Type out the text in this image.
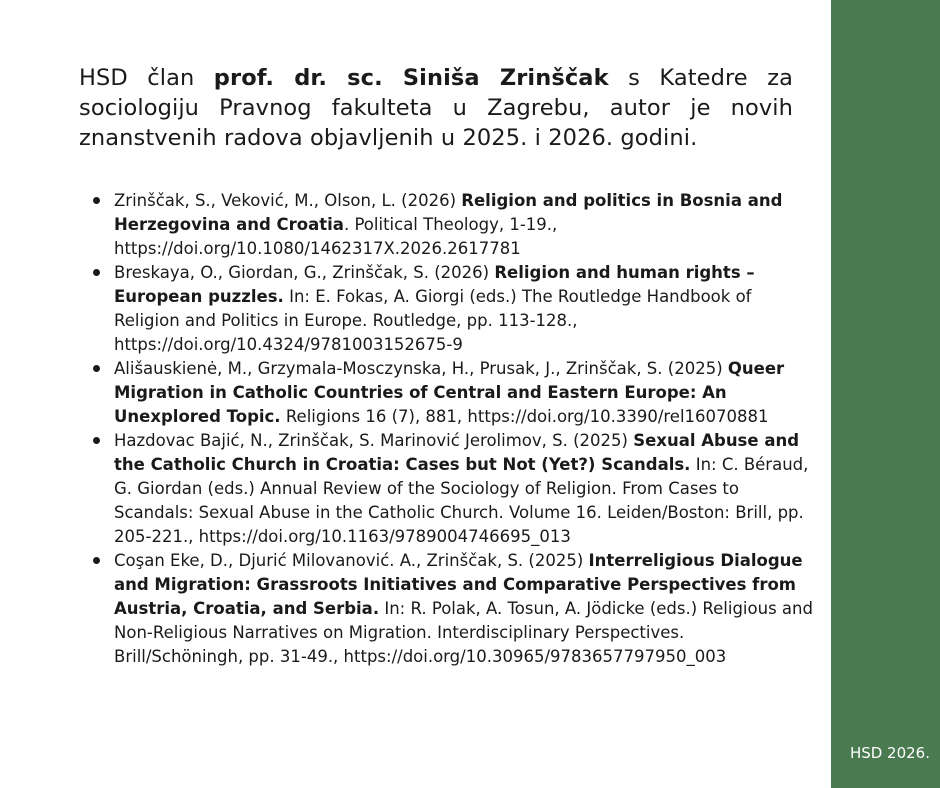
HSD član prof. dr. sc. Siniša Zrinščak s Katedre za sociologiju Pravnog fakulteta u Zagrebu, autor je novih znanstvenih radova objavljenih u 2025. i 2026. godini.

Zrinščak, S., Veković, M., Olson, L. (2026) Religion and politics in Bosnia and Herzegovina and Croatia. Political Theology, 1-19., https://doi.org/10.1080/1462317X.2026.2617781
Breskaya, O., Giordan, G., Zrinščak, S. (2026) Religion and human rights – European puzzles. In: E. Fokas, A. Giorgi (eds.) The Routledge Handbook of Religion and Politics in Europe. Routledge, pp. 113-128., https://doi.org/10.4324/9781003152675-9
Ališauskienė, M., Grzymala-Mosczynska, H., Prusak, J., Zrinščak, S. (2025) Queer Migration in Catholic Countries of Central and Eastern Europe: An Unexplored Topic. Religions 16 (7), 881, https://doi.org/10.3390/rel16070881
Hazdovac Bajić, N., Zrinščak, S. Marinović Jerolimov, S. (2025) Sexual Abuse and the Catholic Church in Croatia: Cases but Not (Yet?) Scandals. In: C. Béraud, G. Giordan (eds.) Annual Review of the Sociology of Religion. From Cases to Scandals: Sexual Abuse in the Catholic Church. Volume 16. Leiden/Boston: Brill, pp. 205-221., https://doi.org/10.1163/9789004746695_013
Coşan Eke, D., Djurić Milovanović. A., Zrinščak, S. (2025) Interreligious Dialogue and Migration: Grassroots Initiatives and Comparative Perspectives from Austria, Croatia, and Serbia. In: R. Polak, A. Tosun, A. Jödicke (eds.) Religious and Non-Religious Narratives on Migration. Interdisciplinary Perspectives. Brill/Schöningh, pp. 31-49., https://doi.org/10.30965/9783657797950_003
HSD 2026.
